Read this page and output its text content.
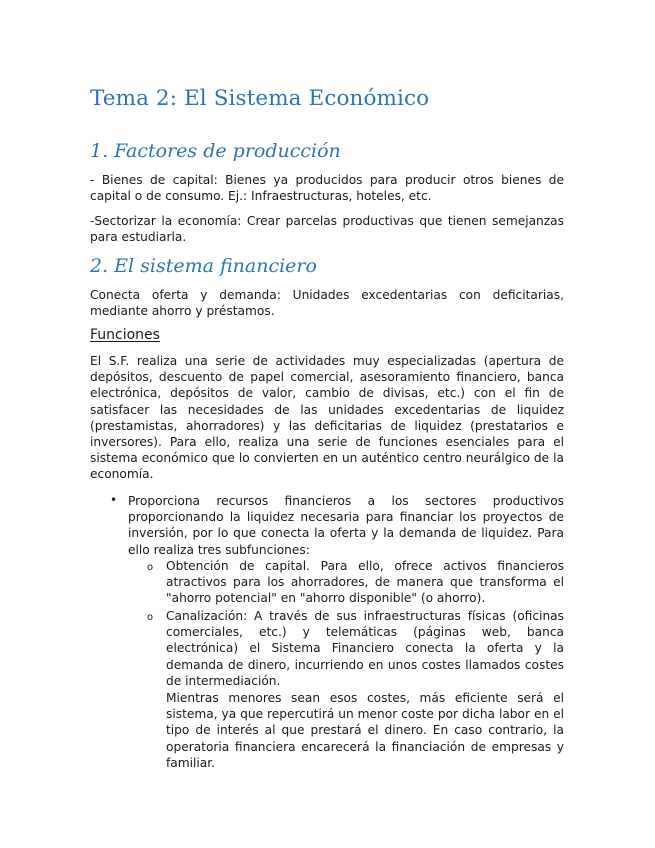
Tema 2: El Sistema Económico
1. Factores de producción

- Bienes de capital: Bienes ya producidos para producir otros bienes de capital o de consumo. Ej.: Infraestructuras, hoteles, etc.

-Sectorizar la economía: Crear parcelas productivas que tienen semejanzas para estudiarla.

2. El sistema financiero

Conecta oferta y demanda: Unidades excedentarias con deficitarias, mediante ahorro y préstamos.

Funciones

El S.F. realiza una serie de actividades muy especializadas (apertura de depósitos, descuento de papel comercial, asesoramiento financiero, banca electrónica, depósitos de valor, cambio de divisas, etc.) con el fin de satisfacer las necesidades de las unidades excedentarias de liquidez (prestamistas, ahorradores) y las deficitarias de liquidez (prestatarios e inversores). Para ello, realiza una serie de funciones esenciales para el sistema económico que lo convierten en un auténtico centro neurálgico de la economía.

• Proporciona recursos financieros a los sectores productivos proporcionando la liquidez necesaria para financiar los proyectos de inversión, por lo que conecta la oferta y la demanda de liquidez. Para ello realiza tres subfunciones:

o Obtención de capital. Para ello, ofrece activos financieros atractivos para los ahorradores, de manera que transforma el "ahorro potencial" en "ahorro disponible" (o ahorro).

o Canalización: A través de sus infraestructuras físicas (oficinas comerciales, etc.) y telemáticas (páginas web, banca electrónica) el Sistema Financiero conecta la oferta y la demanda de dinero, incurriendo en unos costes llamados costes de intermediación.

Mientras menores sean esos costes, más eficiente será el sistema, ya que repercutirá un menor coste por dicha labor en el tipo de interés al que prestará el dinero. En caso contrario, la operatoria financiera encarecerá la financiación de empresas y familiar.
